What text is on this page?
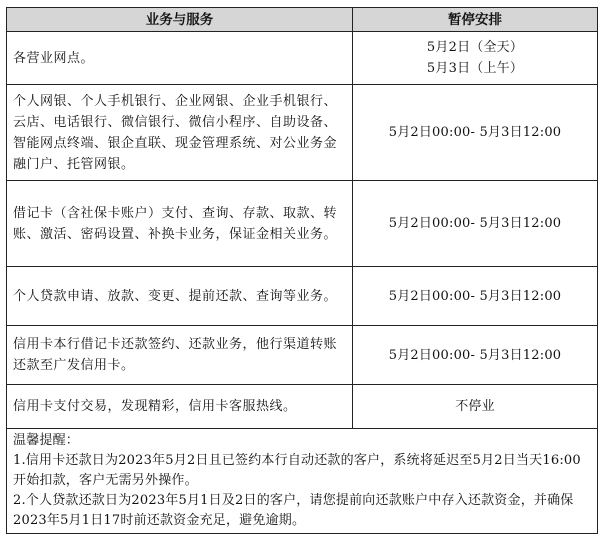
业务与服务	暂停安排
各营业网点。	5月2日（全天）
5月3日（上午）

个人网银、个人手机银行、企业网银、企业手机银行、云店、电话银行、微信银行、微信小程序、自助设备、智能网点终端、银企直联、现金管理系统、对公业务金融门户、托管网银。	5月2日00:00- 5月3日12:00
借记卡（含社保卡账户）支付、查询、存款、取款、转账、激活、密码设置、补换卡业务，保证金相关业务。	5月2日00:00- 5月3日12:00
个人贷款申请、放款、变更、提前还款、查询等业务。	5月2日00:00- 5月3日12:00
信用卡本行借记卡还款签约、还款业务，他行渠道转账还款至广发信用卡。	5月2日00:00- 5月3日12:00
信用卡支付交易，发现精彩，信用卡客服热线。	不停业

温馨提醒：
1.信用卡还款日为2023年5月2日且已签约本行自动还款的客户，系统将延迟至5月2日当天16:00开始扣款，客户无需另外操作。
2.个人贷款还款日为2023年5月1日及2日的客户，请您提前向还款账户中存入还款资金，并确保2023年5月1日17时前还款资金充足，避免逾期。	
